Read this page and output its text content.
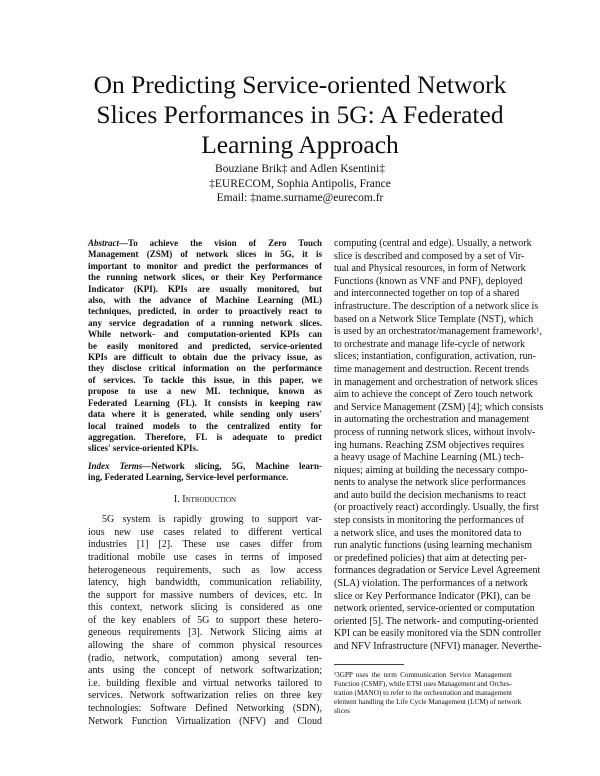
On Predicting Service-oriented Network
Slices Performances in 5G: A Federated
Learning Approach
Bouziane Brik‡ and Adlen Ksentini‡
‡EURECOM, Sophia Antipolis, France
Email: ‡name.surname@eurecom.fr
Abstract—To achieve the vision of Zero Touch
Management (ZSM) of network slices in 5G, it is
important to monitor and predict the performances of
the running network slices, or their Key Performance
Indicator (KPI). KPIs are usually monitored, but
also, with the advance of Machine Learning (ML)
techniques, predicted, in order to proactively react to
any service degradation of a running network slices.
While network- and computation-oriented KPIs can
be easily monitored and predicted, service-oriented
KPIs are difficult to obtain due the privacy issue, as
they disclose critical information on the performance
of services. To tackle this issue, in this paper, we
propose to use a new ML technique, known as
Federated Learning (FL). It consists in keeping raw
data where it is generated, while sending only users'
local trained models to the centralized entity for
aggregation. Therefore, FL is adequate to predict
slices' service-oriented KPIs.
Index Terms—Network slicing, 5G, Machine learn-
ing, Federated Learning, Service-level performance.
I. Introduction
5G system is rapidly growing to support var-
ious new use cases related to different vertical
industries [1] [2]. These use cases differ from
traditional mobile use cases in terms of imposed
heterogeneous requirements, such as low access
latency, high bandwidth, communication reliability,
the support for massive numbers of devices, etc. In
this context, network slicing is considered as one
of the key enablers of 5G to support these hetero-
geneous requirements [3]. Network Slicing aims at
allowing the share of common physical resources
(radio, network, computation) among several ten-
ants using the concept of network softwarization;
i.e. building flexible and virtual networks tailored to
services. Network softwarization relies on three key
technologies: Software Defined Networking (SDN),
Network Function Virtualization (NFV) and Cloud
computing (central and edge). Usually, a network
slice is described and composed by a set of Vir-
tual and Physical resources, in form of Network
Functions (known as VNF and PNF), deployed
and interconnected together on top of a shared
infrastructure. The description of a network slice is
based on a Network Slice Template (NST), which
is used by an orchestrator/management framework¹,
to orchestrate and manage life-cycle of network
slices; instantiation, configuration, activation, run-
time management and destruction. Recent trends
in management and orchestration of network slices
aim to achieve the concept of Zero touch network
and Service Management (ZSM) [4]; which consists
in automating the orchestration and management
process of running network slices, without involv-
ing humans. Reaching ZSM objectives requires
a heavy usage of Machine Learning (ML) tech-
niques; aiming at building the necessary compo-
nents to analyse the network slice performances
and auto build the decision mechanisms to react
(or proactively react) accordingly. Usually, the first
step consists in monitoring the performances of
a network slice, and uses the monitored data to
run analytic functions (using learning mechanism
or predefined policies) that aim at detecting per-
formances degradation or Service Level Agreement
(SLA) violation. The performances of a network
slice or Key Performance Indicator (PKI), can be
network oriented, service-oriented or computation
oriented [5]. The network- and computing-oriented
KPI can be easily monitored via the SDN controller
and NFV Infrastructure (NFVI) manager. Neverthe-
¹3GPP uses the term Communication Service Management
Function (CSMF), while ETSI uses Management and Orches-
tration (MANO) to refer to the orchestration and management
element handling the Life Cycle Management (LCM) of network
slices
